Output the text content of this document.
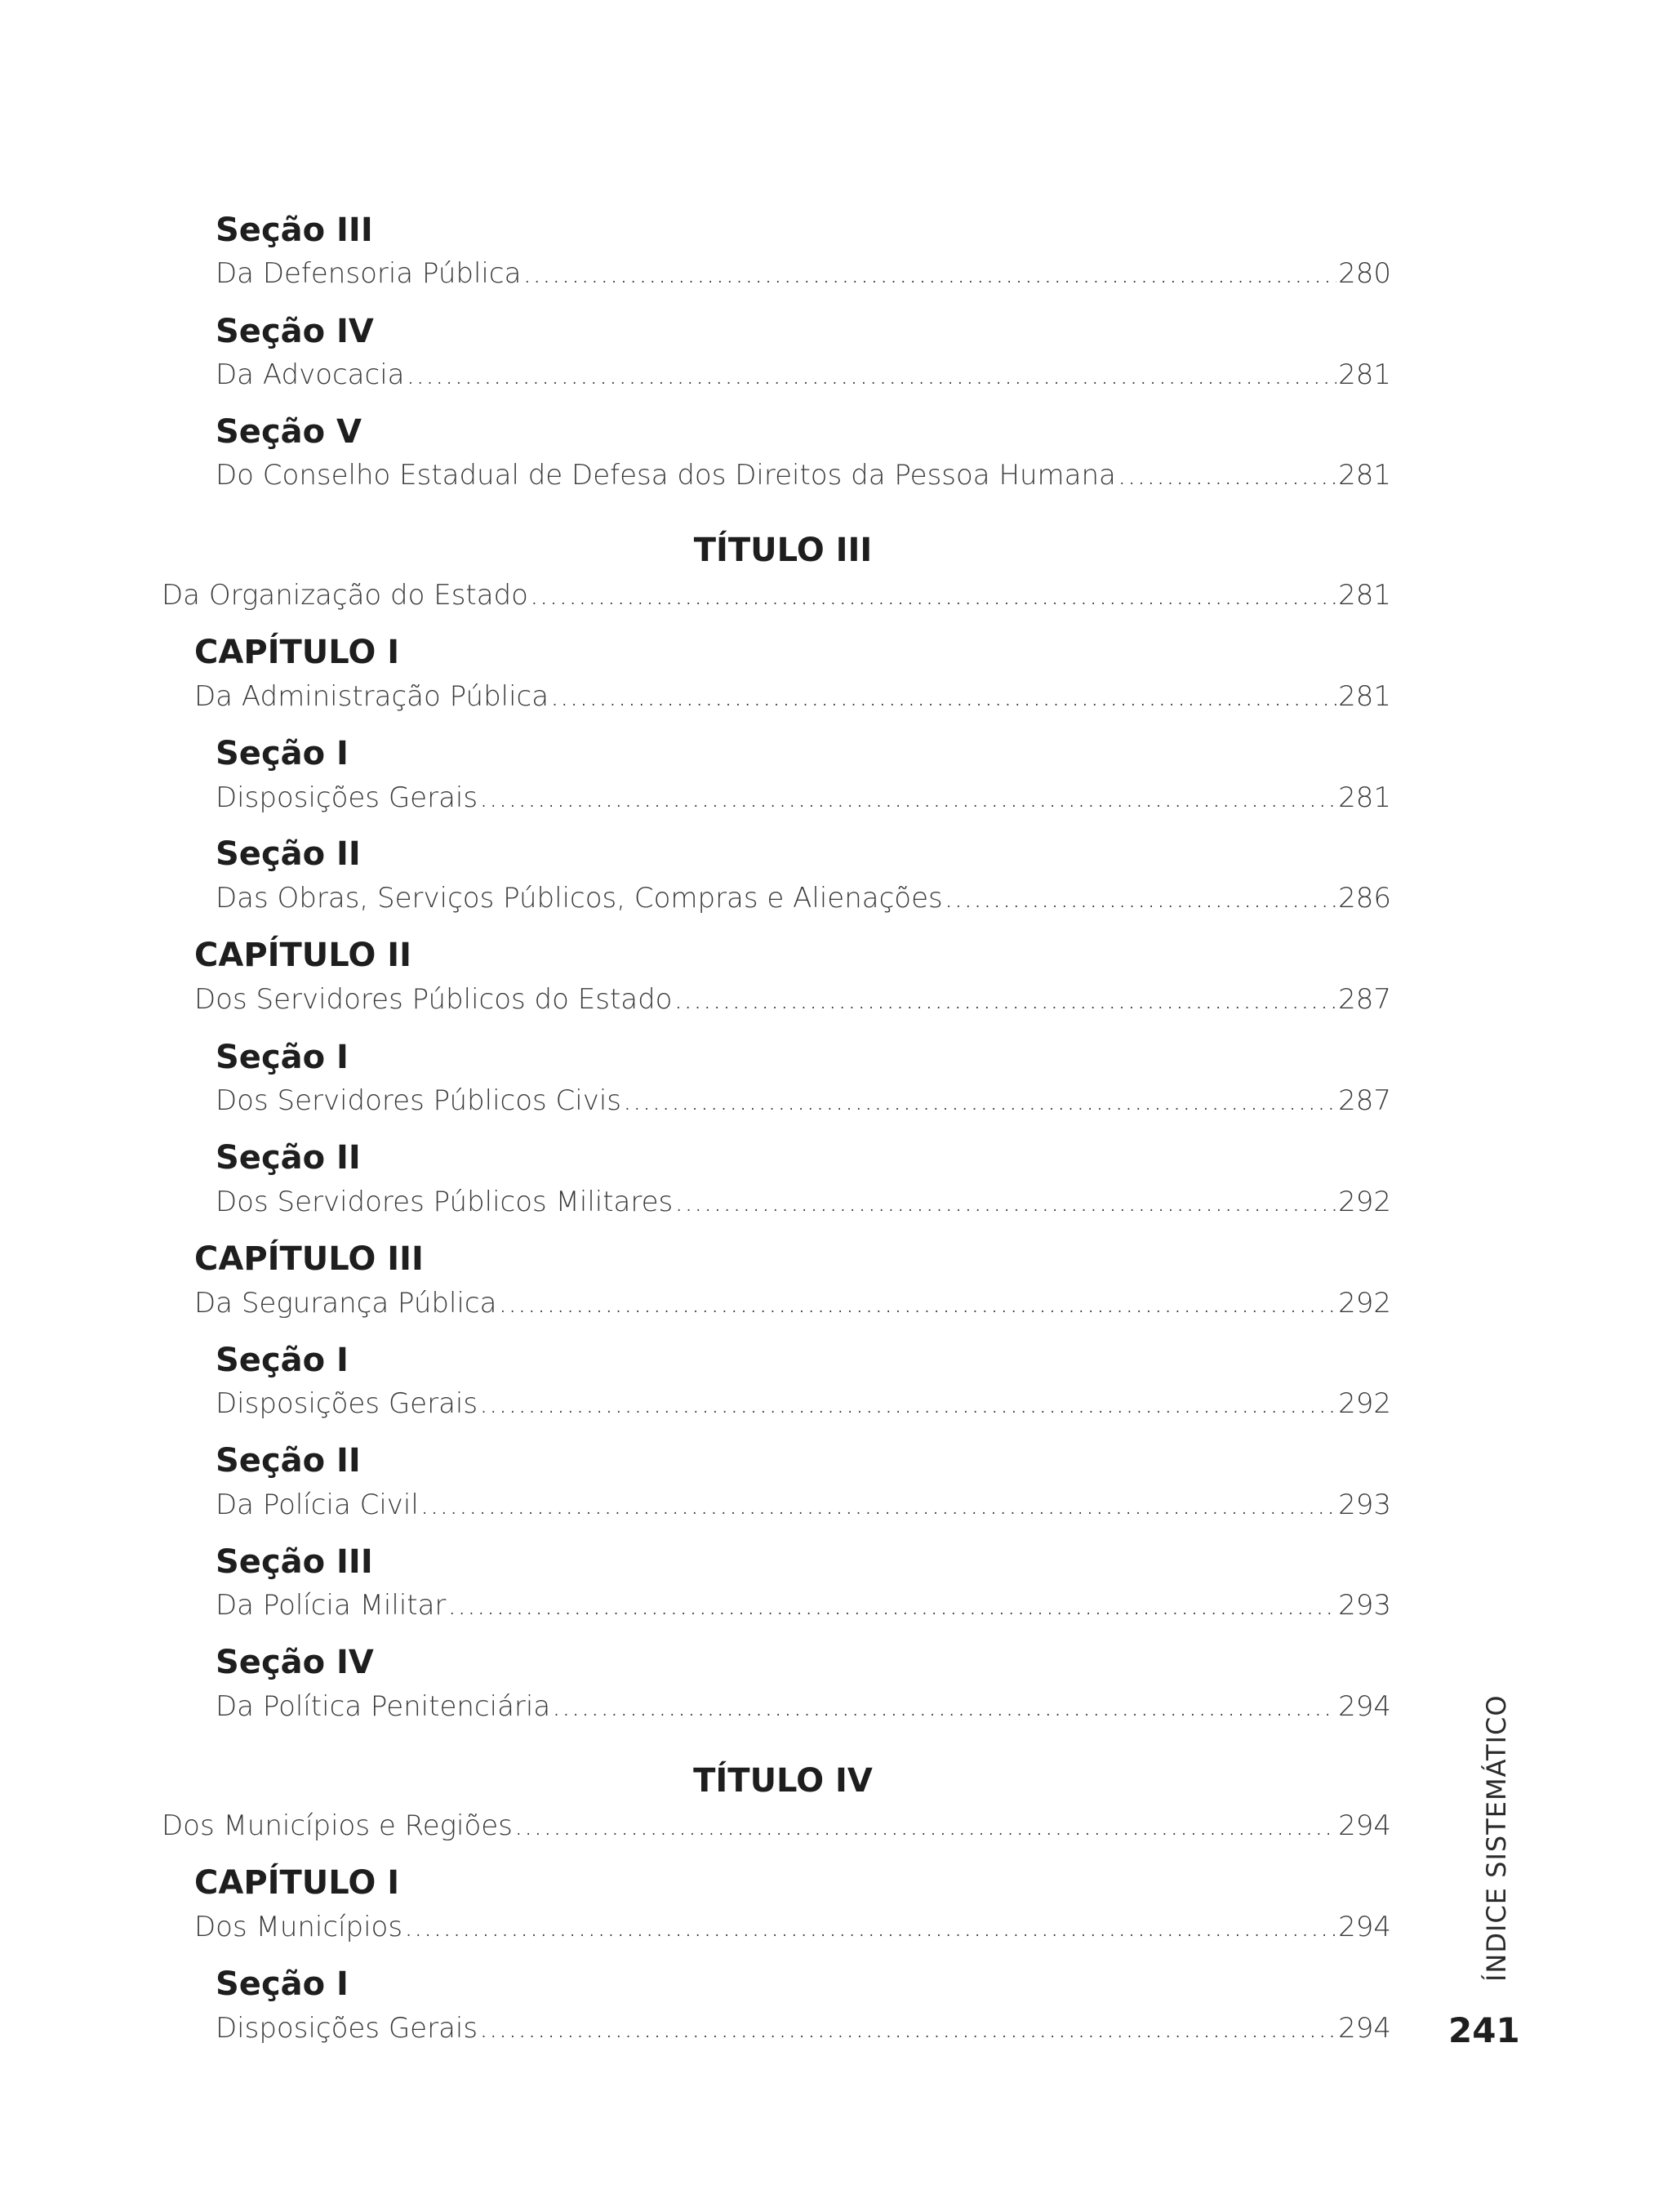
Seção III
Da Defensoria Pública .....	280
Seção IV
Da Advocacia .....	281
Seção V
Do Conselho Estadual de Defesa dos Direitos da Pessoa Humana .....	281
TÍTULO III
Da Organização do Estado .....	281
CAPÍTULO I
Da Administração Pública .....	281
Seção I
Disposições Gerais .....	281
Seção II
Das Obras, Serviços Públicos, Compras e Alienações .....	286
CAPÍTULO II
Dos Servidores Públicos do Estado .....	287
Seção I
Dos Servidores Públicos Civis .....	287
Seção II
Dos Servidores Públicos Militares .....	292
CAPÍTULO III
Da Segurança Pública .....	292
Seção I
Disposições Gerais .....	292
Seção II
Da Polícia Civil .....	293
Seção III
Da Polícia Militar .....	293
Seção IV
Da Política Penitenciária .....	294
TÍTULO IV
Dos Municípios e Regiões .....	294
CAPÍTULO I
Dos Municípios .....	294
Seção I
Disposições Gerais .....	294
ÍNDICE SISTEMÁTICO
241
